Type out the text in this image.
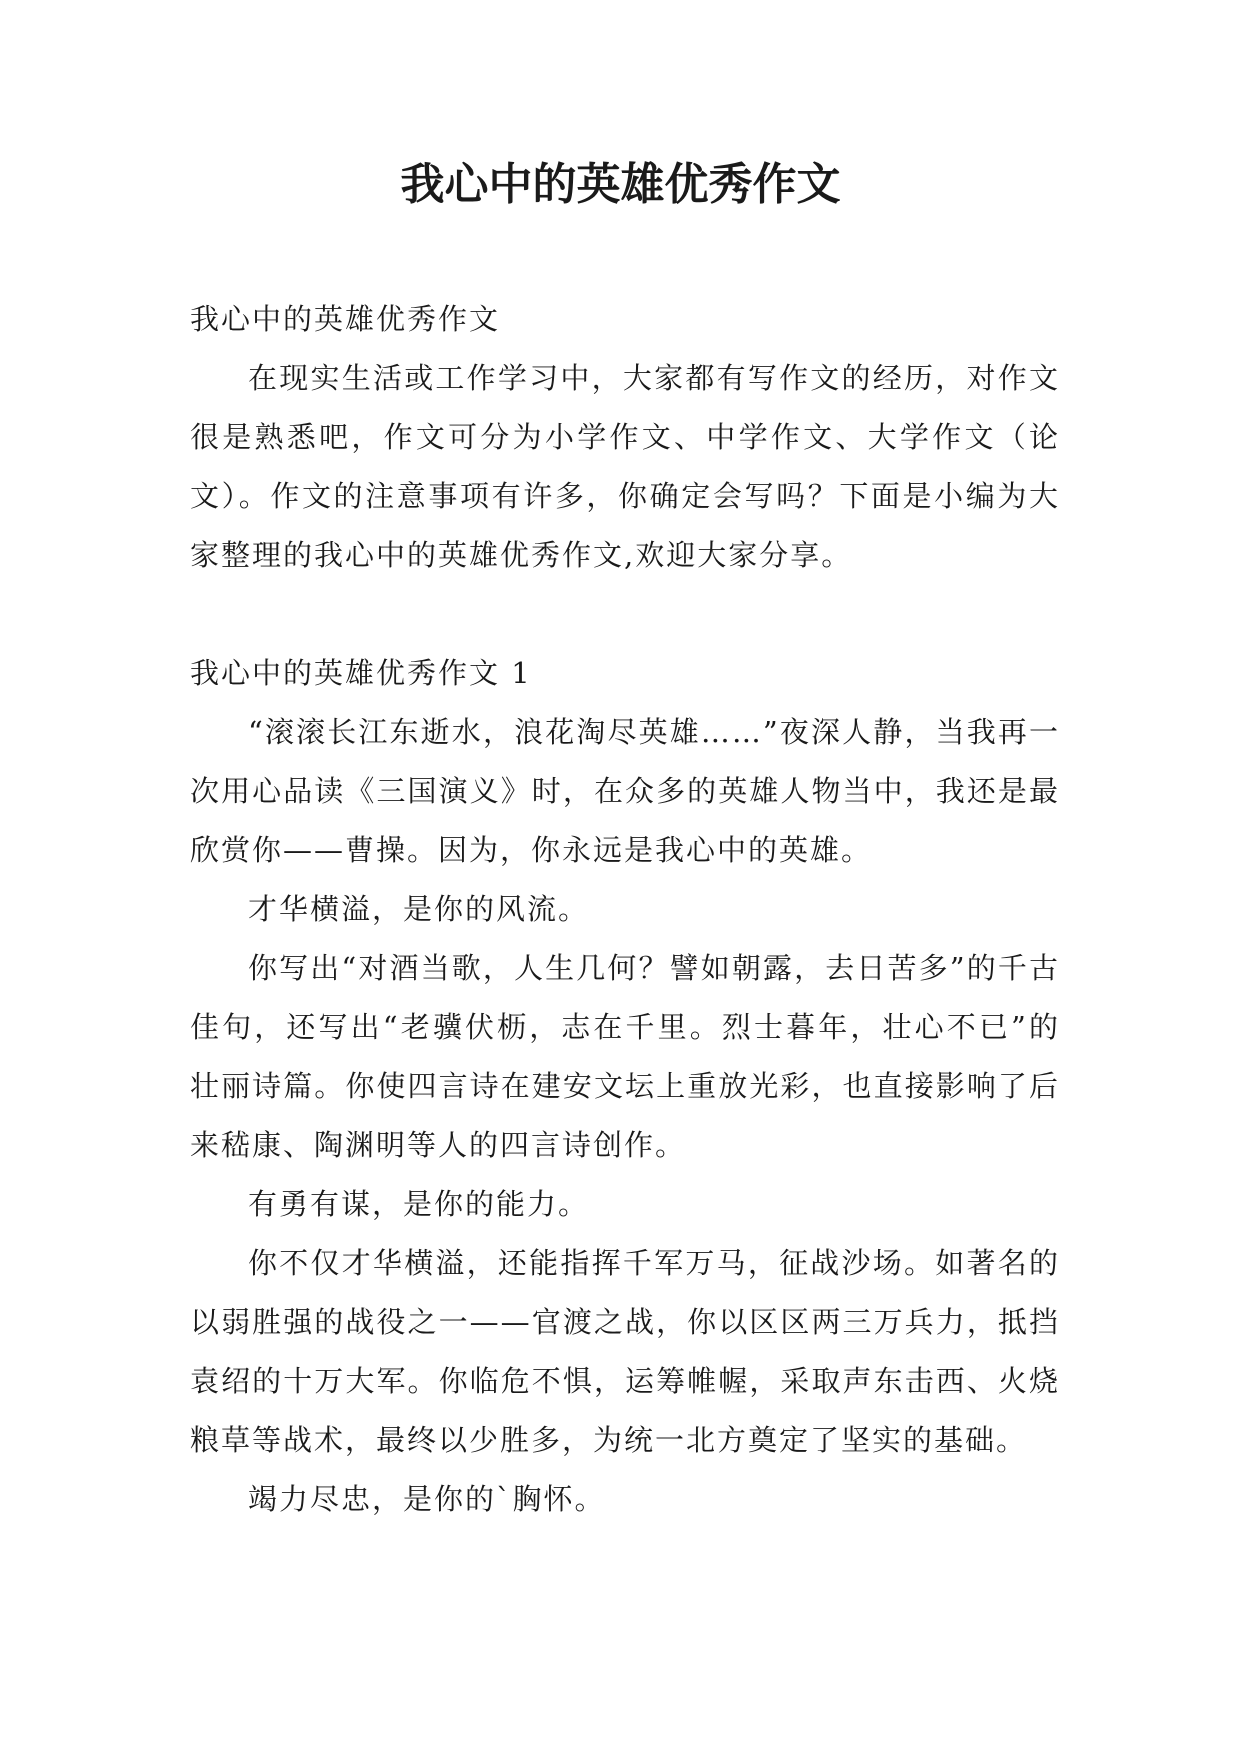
我心中的英雄优秀作文

我心中的英雄优秀作文

在现实生活或工作学习中，大家都有写作文的经历，对作文很是熟悉吧，作文可分为小学作文、中学作文、大学作文（论文）。作文的注意事项有许多，你确定会写吗？下面是小编为大家整理的我心中的英雄优秀作文,欢迎大家分享。

我心中的英雄优秀作文 1

“滚滚长江东逝水，浪花淘尽英雄……”夜深人静，当我再一次用心品读《三国演义》时，在众多的英雄人物当中，我还是最欣赏你——曹操。因为，你永远是我心中的英雄。

才华横溢，是你的风流。

你写出“对酒当歌，人生几何？譬如朝露，去日苦多”的千古佳句，还写出“老骥伏枥，志在千里。烈士暮年，壮心不已”的壮丽诗篇。你使四言诗在建安文坛上重放光彩，也直接影响了后来嵇康、陶渊明等人的四言诗创作。

有勇有谋，是你的能力。

你不仅才华横溢，还能指挥千军万马，征战沙场。如著名的以弱胜强的战役之一——官渡之战，你以区区两三万兵力，抵挡袁绍的十万大军。你临危不惧，运筹帷幄，采取声东击西、火烧粮草等战术，最终以少胜多，为统一北方奠定了坚实的基础。

竭力尽忠，是你的`胸怀。
